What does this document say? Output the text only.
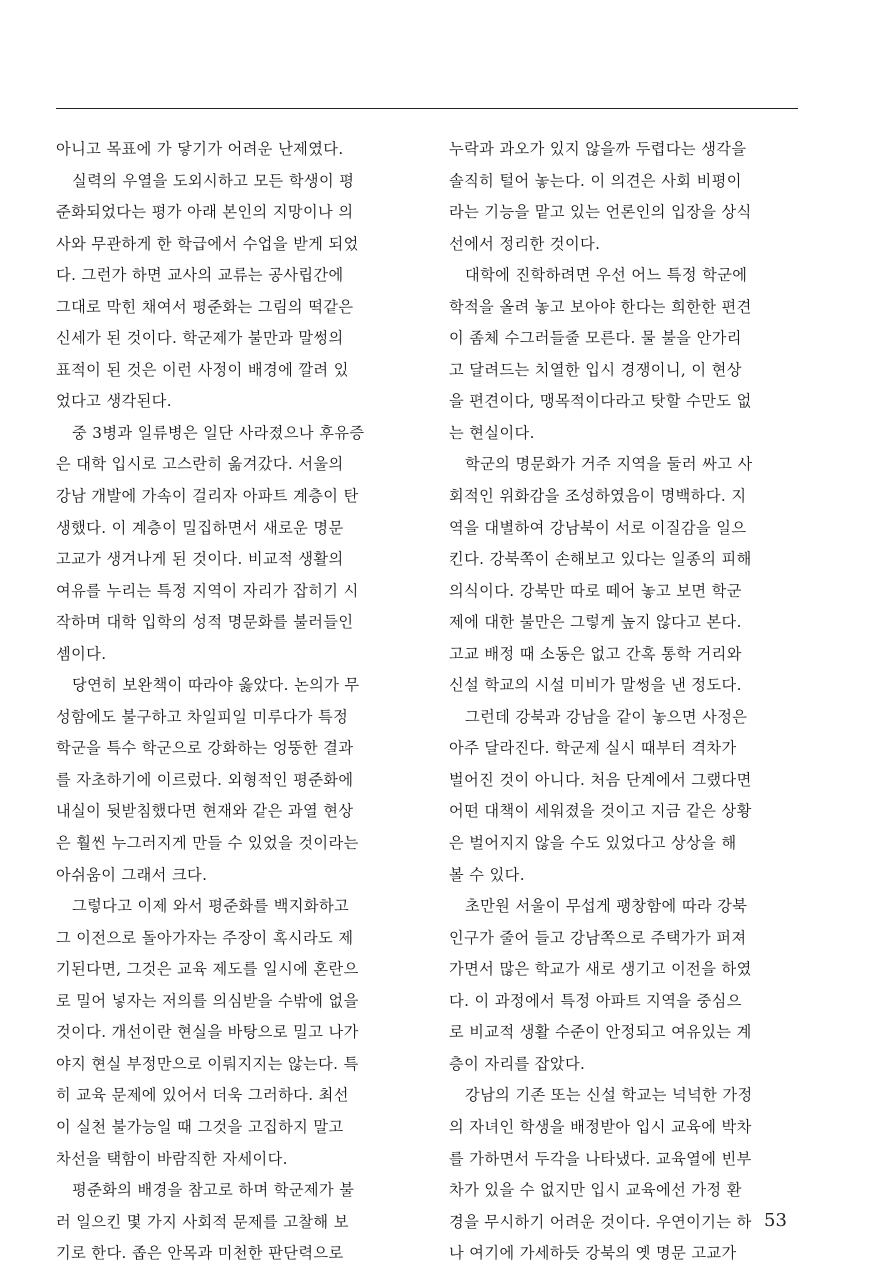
아니고 목표에 가 닿기가 어려운 난제였다.
실력의 우열을 도외시하고 모든 학생이 평
준화되었다는 평가 아래 본인의 지망이나 의
사와 무관하게 한 학급에서 수업을 받게 되었
다. 그런가 하면 교사의 교류는 공사립간에
그대로 막힌 채여서 평준화는 그림의 떡같은
신세가 된 것이다. 학군제가 불만과 말썽의
표적이 된 것은 이런 사정이 배경에 깔려 있
었다고 생각된다.
중 3병과 일류병은 일단 사라졌으나 후유증
은 대학 입시로 고스란히 옮겨갔다. 서울의
강남 개발에 가속이 걸리자 아파트 계층이 탄
생했다. 이 계층이 밀집하면서 새로운 명문
고교가 생겨나게 된 것이다. 비교적 생활의
여유를 누리는 특정 지역이 자리가 잡히기 시
작하며 대학 입학의 성적 명문화를 불러들인
셈이다.
당연히 보완책이 따라야 옳았다. 논의가 무
성함에도 불구하고 차일피일 미루다가 특정
학군을 특수 학군으로 강화하는 엉뚱한 결과
를 자초하기에 이르렀다. 외형적인 평준화에
내실이 뒷받침했다면 현재와 같은 과열 현상
은 훨씬 누그러지게 만들 수 있었을 것이라는
아쉬움이 그래서 크다.
그렇다고 이제 와서 평준화를 백지화하고
그 이전으로 돌아가자는 주장이 혹시라도 제
기된다면, 그것은 교육 제도를 일시에 혼란으
로 밀어 넣자는 저의를 의심받을 수밖에 없을
것이다. 개선이란 현실을 바탕으로 밀고 나가
야지 현실 부정만으로 이뤄지지는 않는다. 특
히 교육 문제에 있어서 더욱 그러하다. 최선
이 실천 불가능일 때 그것을 고집하지 말고
차선을 택함이 바람직한 자세이다.
평준화의 배경을 참고로 하며 학군제가 불
러 일으킨 몇 가지 사회적 문제를 고찰해 보
기로 한다. 좁은 안목과 미천한 판단력으로
누락과 과오가 있지 않을까 두렵다는 생각을
솔직히 털어 놓는다. 이 의견은 사회 비평이
라는 기능을 맡고 있는 언론인의 입장을 상식
선에서 정리한 것이다.
대학에 진학하려면 우선 어느 특정 학군에
학적을 올려 놓고 보아야 한다는 희한한 편견
이 좀체 수그러들줄 모른다. 물 불을 안가리
고 달려드는 치열한 입시 경쟁이니, 이 현상
을 편견이다, 맹목적이다라고 탓할 수만도 없
는 현실이다.
학군의 명문화가 거주 지역을 둘러 싸고 사
회적인 위화감을 조성하였음이 명백하다. 지
역을 대별하여 강남북이 서로 이질감을 일으
킨다. 강북쪽이 손해보고 있다는 일종의 피해
의식이다. 강북만 따로 떼어 놓고 보면 학군
제에 대한 불만은 그렇게 높지 않다고 본다.
고교 배정 때 소동은 없고 간혹 통학 거리와
신설 학교의 시설 미비가 말썽을 낸 정도다.
그런데 강북과 강남을 같이 놓으면 사정은
아주 달라진다. 학군제 실시 때부터 격차가
벌어진 것이 아니다. 처음 단계에서 그랬다면
어떤 대책이 세워졌을 것이고 지금 같은 상황
은 벌어지지 않을 수도 있었다고 상상을 해
볼 수 있다.
초만원 서울이 무섭게 팽창함에 따라 강북
인구가 줄어 들고 강남쪽으로 주택가가 퍼져
가면서 많은 학교가 새로 생기고 이전을 하였
다. 이 과정에서 특정 아파트 지역을 중심으
로 비교적 생활 수준이 안정되고 여유있는 계
층이 자리를 잡았다.
강남의 기존 또는 신설 학교는 넉넉한 가정
의 자녀인 학생을 배정받아 입시 교육에 박차
를 가하면서 두각을 나타냈다. 교육열에 빈부
차가 있을 수 없지만 입시 교육에선 가정 환
경을 무시하기 어려운 것이다. 우연이기는 하
나 여기에 가세하듯 강북의 옛 명문 고교가
53
